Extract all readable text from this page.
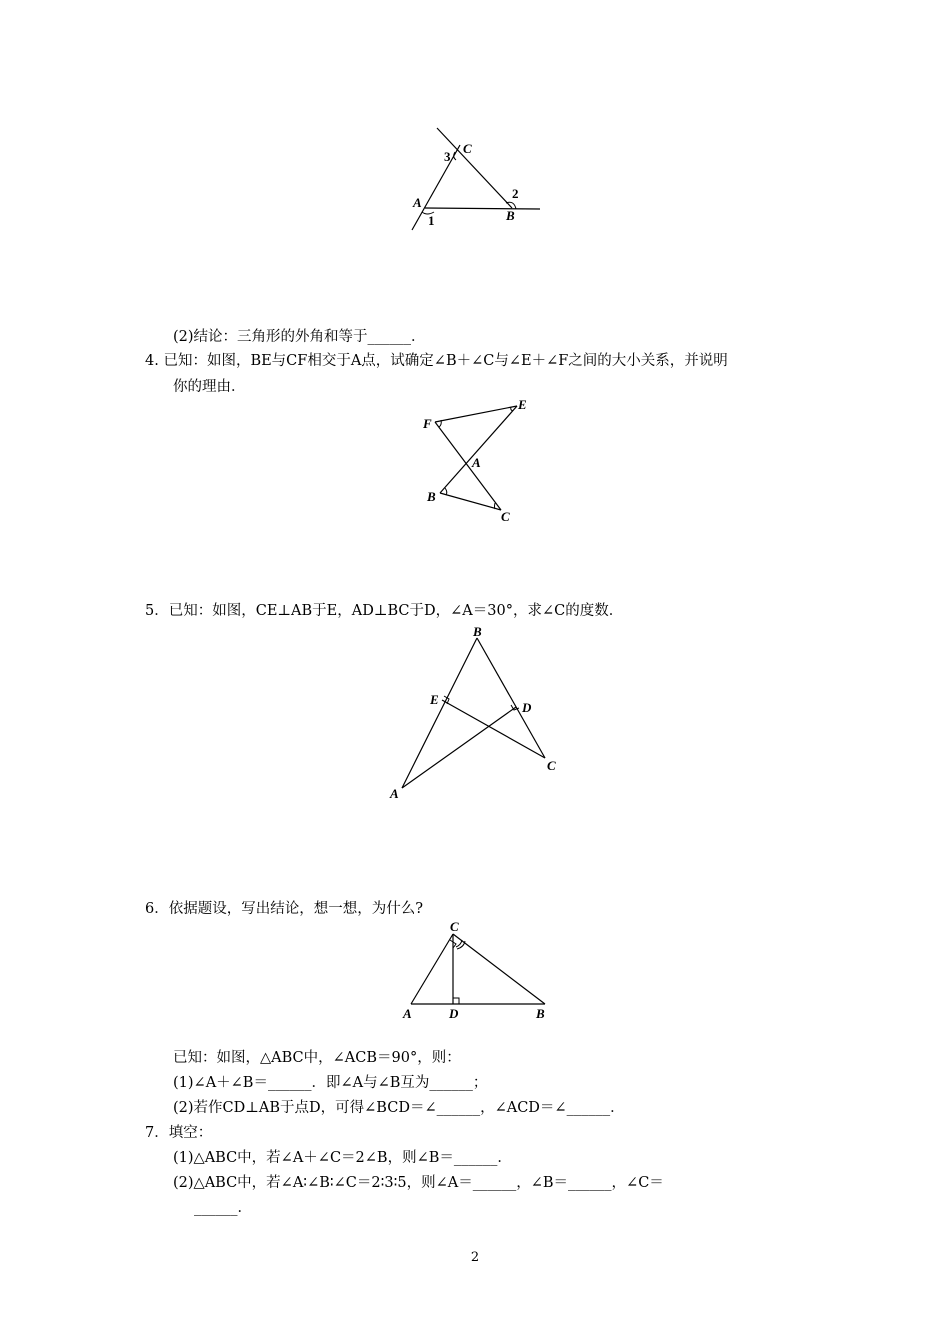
C
3
A
2
B
1
(2)结论：三角形的外角和等于______．
4. 已知：如图，BE与CF相交于A点，试确定∠B＋∠C与∠E＋∠F之间的大小关系，并说明
你的理由．
F
E
A
B
C
5．已知：如图，CE⊥AB于E，AD⊥BC于D，∠A＝30°，求∠C的度数．
B
E
D
C
A
6．依据题设，写出结论，想一想，为什么?
C
A	D	B
已知：如图，△ABC中，∠ACB＝90°，则：
(1)∠A＋∠B＝______．即∠A与∠B互为______；
(2)若作CD⊥AB于点D，可得∠BCD＝∠______，∠ACD＝∠______．
7．填空：
(1)△ABC中，若∠A＋∠C＝2∠B，则∠B＝______．
(2)△ABC中，若∠A∶∠B∶∠C＝2∶3∶5，则∠A＝______，∠B＝______，∠C＝
______．
2
